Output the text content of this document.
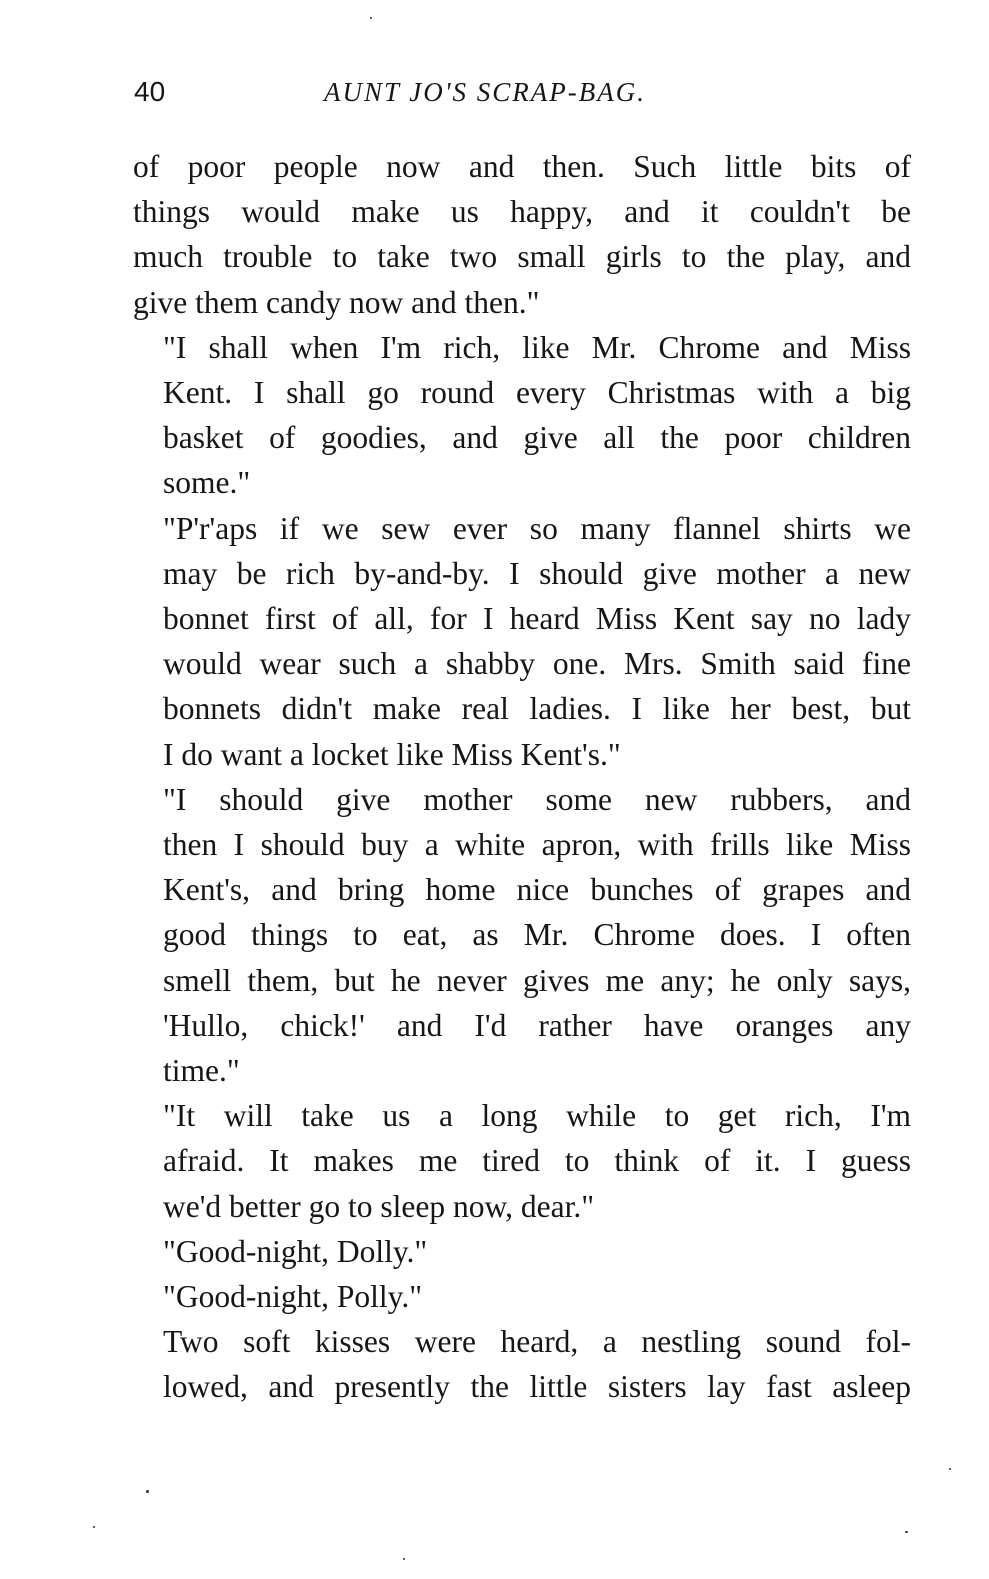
40	AUNT JO'S SCRAP-BAG.

of poor people now and then. Such little bits of
things would make us happy, and it couldn't be
much trouble to take two small girls to the play, and
give them candy now and then."

"I shall when I'm rich, like Mr. Chrome and Miss
Kent. I shall go round every Christmas with a big
basket of goodies, and give all the poor children
some."

"P'r'aps if we sew ever so many flannel shirts we
may be rich by-and-by. I should give mother a new
bonnet first of all, for I heard Miss Kent say no lady
would wear such a shabby one. Mrs. Smith said fine
bonnets didn't make real ladies. I like her best, but
I do want a locket like Miss Kent's."

"I should give mother some new rubbers, and
then I should buy a white apron, with frills like Miss
Kent's, and bring home nice bunches of grapes and
good things to eat, as Mr. Chrome does. I often
smell them, but he never gives me any; he only says,
'Hullo, chick!' and I'd rather have oranges any
time."

"It will take us a long while to get rich, I'm
afraid. It makes me tired to think of it. I guess
we'd better go to sleep now, dear."

"Good-night, Dolly."

"Good-night, Polly."

Two soft kisses were heard, a nestling sound fol-
lowed, and presently the little sisters lay fast asleep
